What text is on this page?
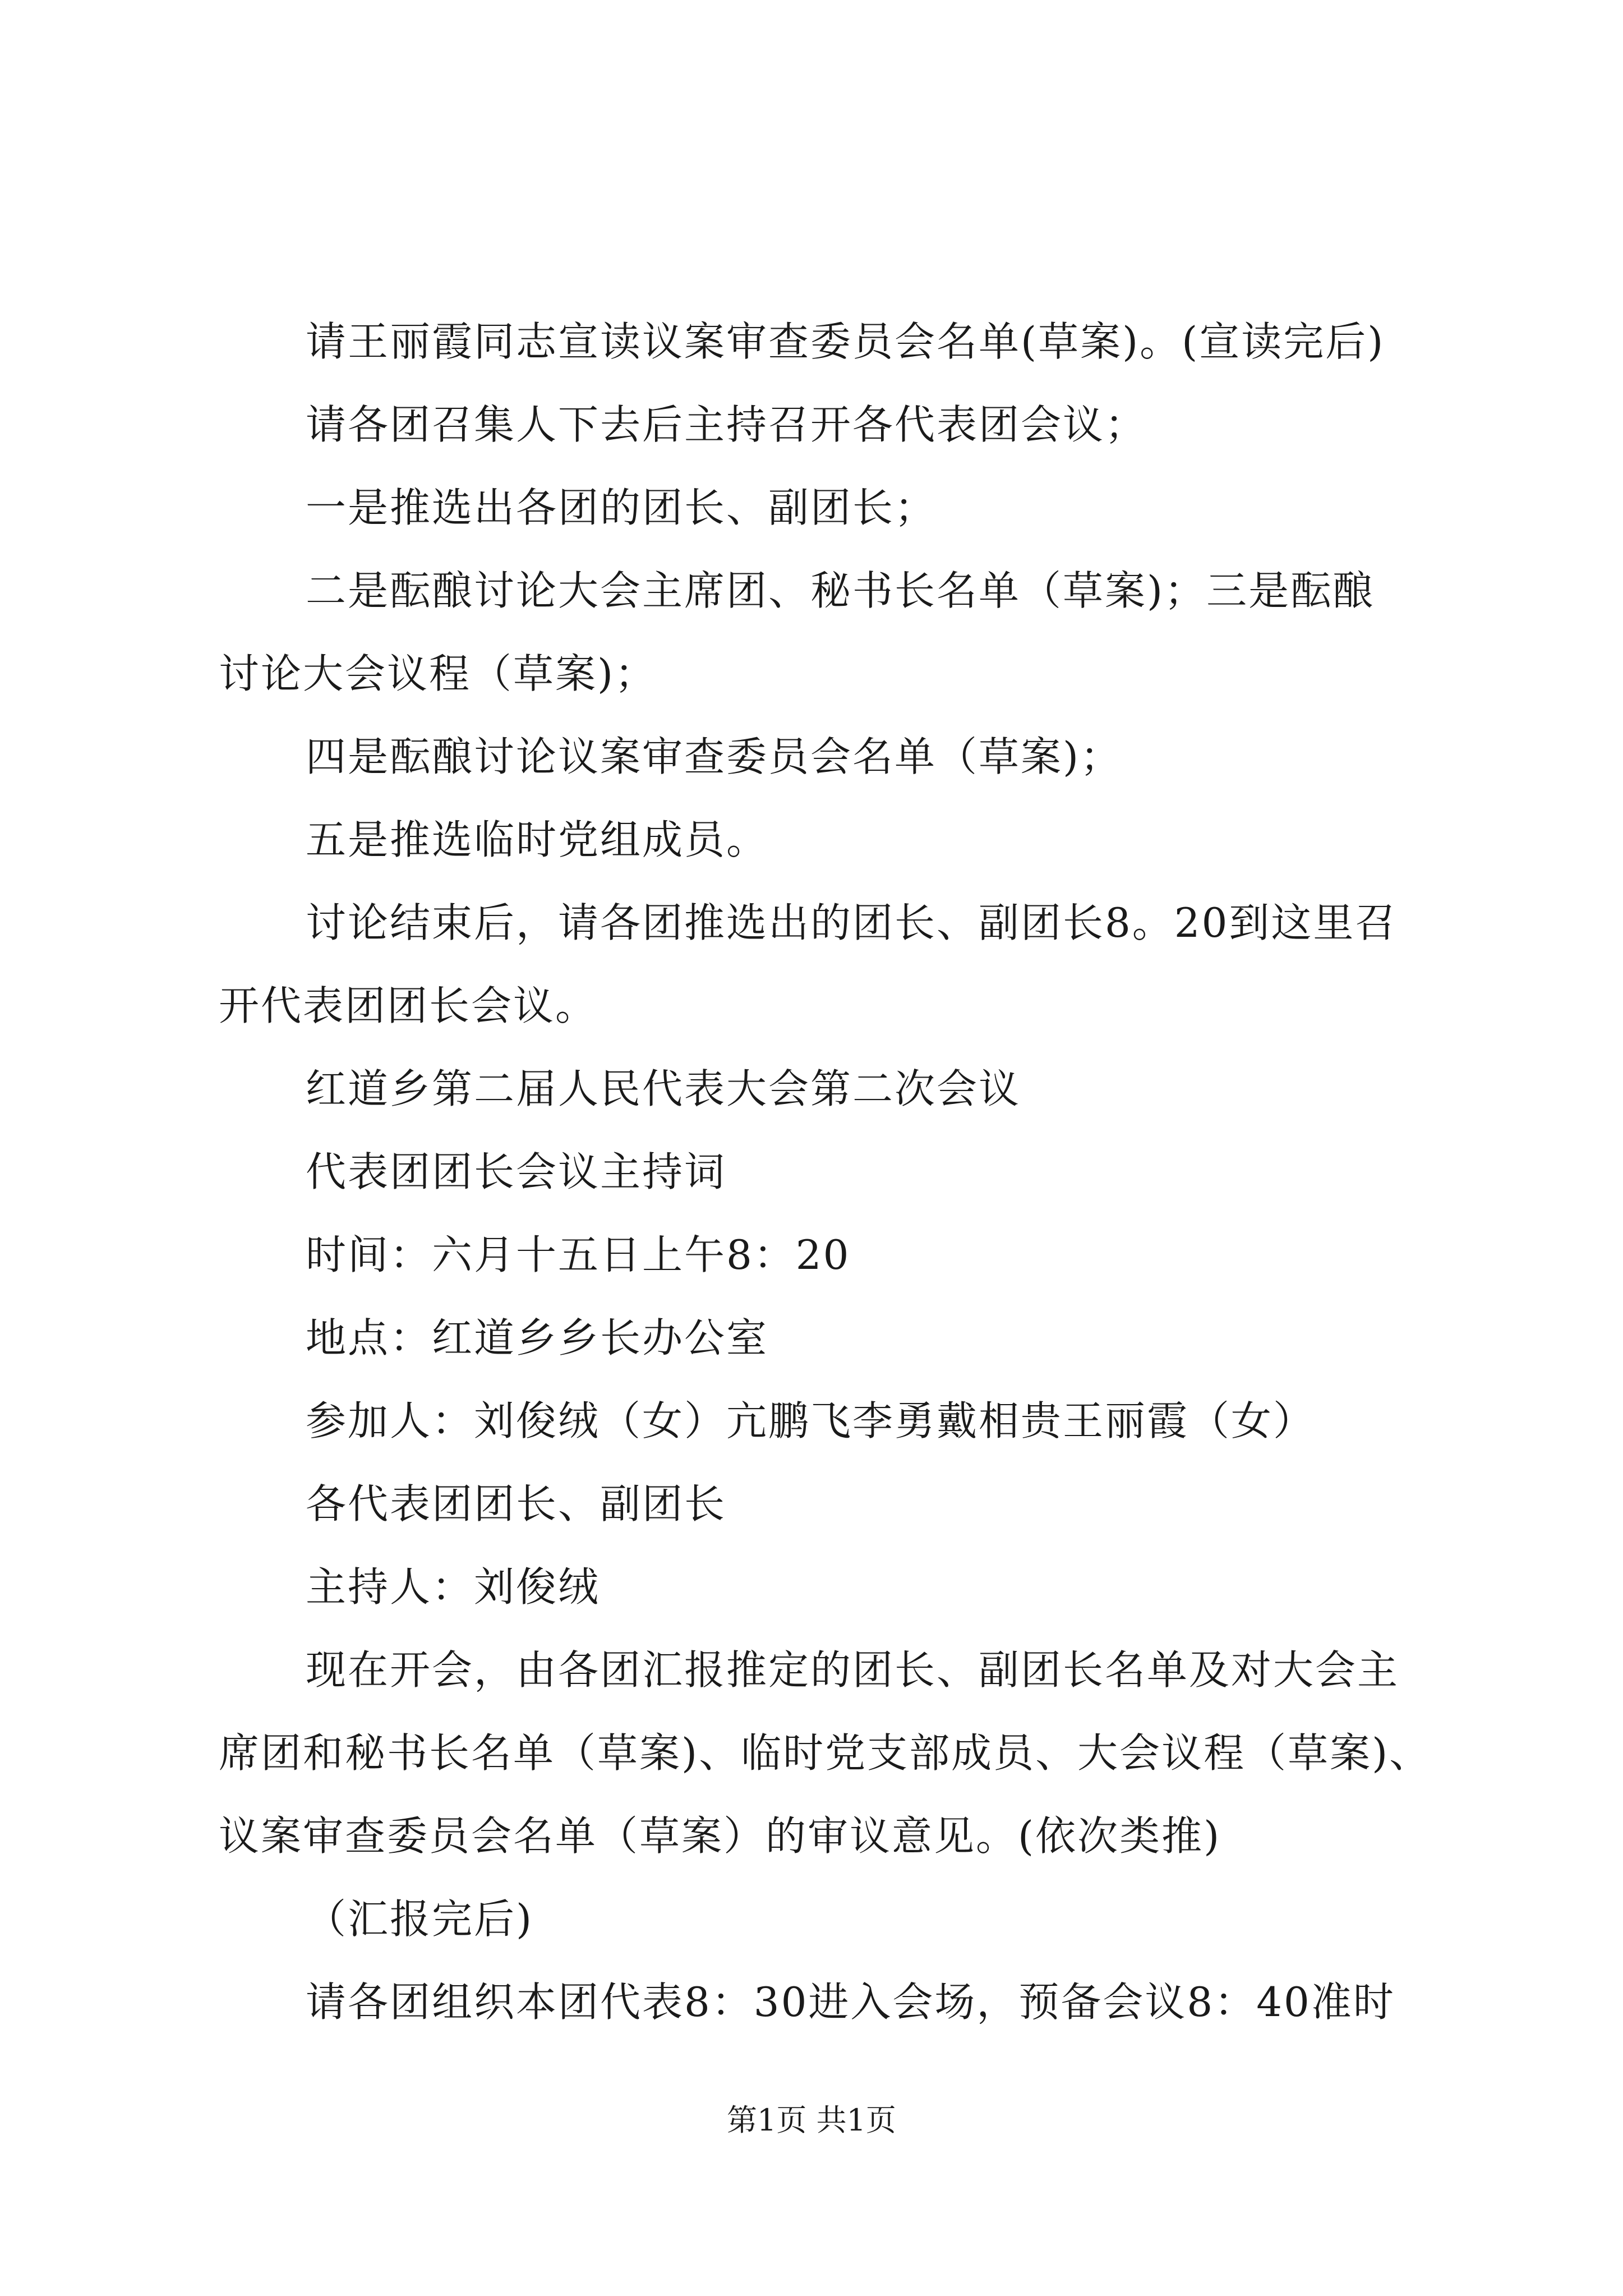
请王丽霞同志宣读议案审查委员会名单(草案)。(宣读完后)
请各团召集人下去后主持召开各代表团会议；
一是推选出各团的团长、副团长；
二是酝酿讨论大会主席团、秘书长名单（草案)；三是酝酿
讨论大会议程（草案)；
四是酝酿讨论议案审查委员会名单（草案)；
五是推选临时党组成员。
讨论结束后，请各团推选出的团长、副团长8。20到这里召
开代表团团长会议。
红道乡第二届人民代表大会第二次会议
代表团团长会议主持词
时间：六月十五日上午8：20
地点：红道乡乡长办公室
参加人：刘俊绒（女）亢鹏飞李勇戴相贵王丽霞（女）
各代表团团长、副团长
主持人：刘俊绒
现在开会，由各团汇报推定的团长、副团长名单及对大会主
席团和秘书长名单（草案)、临时党支部成员、大会议程（草案)、
议案审查委员会名单（草案）的审议意见。(依次类推)
（汇报完后)
请各团组织本团代表8：30进入会场，预备会议8：40准时
第1页 共1页
